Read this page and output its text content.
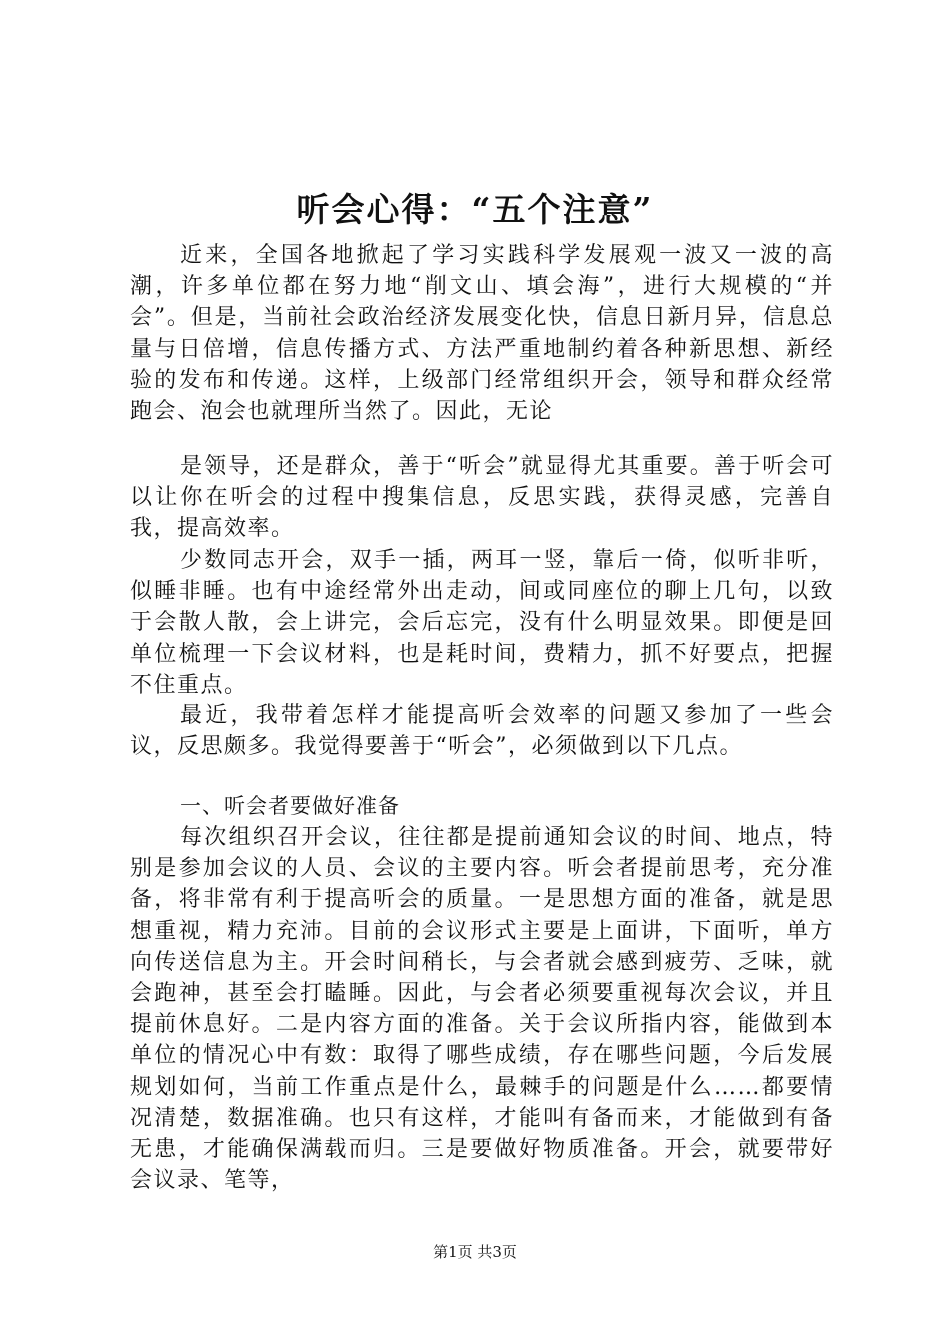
听会心得：“五个注意”

近来，全国各地掀起了学习实践科学发展观一波又一波的高潮，许多单位都在努力地“削文山、填会海”，进行大规模的“并会”。但是，当前社会政治经济发展变化快，信息日新月异，信息总量与日倍增，信息传播方式、方法严重地制约着各种新思想、新经验的发布和传递。这样，上级部门经常组织开会，领导和群众经常跑会、泡会也就理所当然了。因此，无论

是领导，还是群众，善于“听会”就显得尤其重要。善于听会可以让你在听会的过程中搜集信息，反思实践，获得灵感，完善自我，提高效率。

少数同志开会，双手一插，两耳一竖，靠后一倚，似听非听，似睡非睡。也有中途经常外出走动，间或同座位的聊上几句，以致于会散人散，会上讲完，会后忘完，没有什么明显效果。即便是回单位梳理一下会议材料，也是耗时间，费精力，抓不好要点，把握不住重点。

最近，我带着怎样才能提高听会效率的问题又参加了一些会议，反思颇多。我觉得要善于“听会”，必须做到以下几点。

一、听会者要做好准备

每次组织召开会议，往往都是提前通知会议的时间、地点，特别是参加会议的人员、会议的主要内容。听会者提前思考，充分准备，将非常有利于提高听会的质量。一是思想方面的准备，就是思想重视，精力充沛。目前的会议形式主要是上面讲，下面听，单方向传送信息为主。开会时间稍长，与会者就会感到疲劳、乏味，就会跑神，甚至会打瞌睡。因此，与会者必须要重视每次会议，并且提前休息好。二是内容方面的准备。关于会议所指内容，能做到本单位的情况心中有数：取得了哪些成绩，存在哪些问题，今后发展规划如何，当前工作重点是什么，最棘手的问题是什么……都要情况清楚，数据准确。也只有这样，才能叫有备而来，才能做到有备无患，才能确保满载而归。三是要做好物质准备。开会，就要带好会议录、笔等，

第1页 共3页
